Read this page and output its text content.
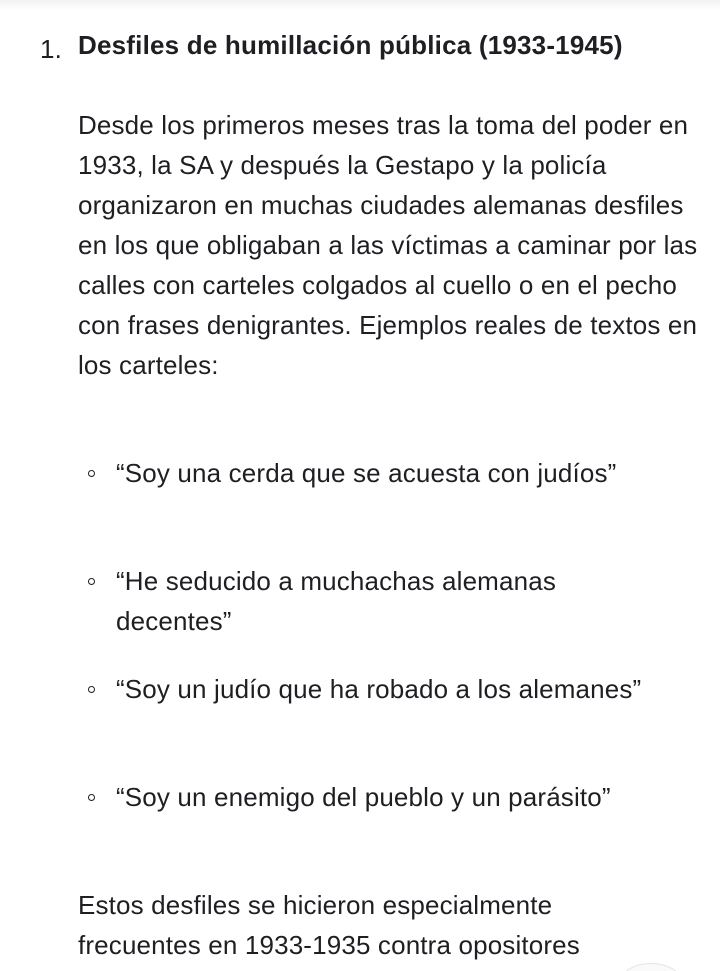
1. Desfiles de humillación pública (1933-1945)
Desde los primeros meses tras la toma del poder en 1933, la SA y después la Gestapo y la policía organizaron en muchas ciudades alemanas desfiles en los que obligaban a las víctimas a caminar por las calles con carteles colgados al cuello o en el pecho con frases denigrantes. Ejemplos reales de textos en los carteles:
“Soy una cerda que se acuesta con judíos”
“He seducido a muchachas alemanas decentes”
“Soy un judío que ha robado a los alemanes”
“Soy un enemigo del pueblo y un parásito”
Estos desfiles se hicieron especialmente
frecuentes en 1933-1935 contra opositores
